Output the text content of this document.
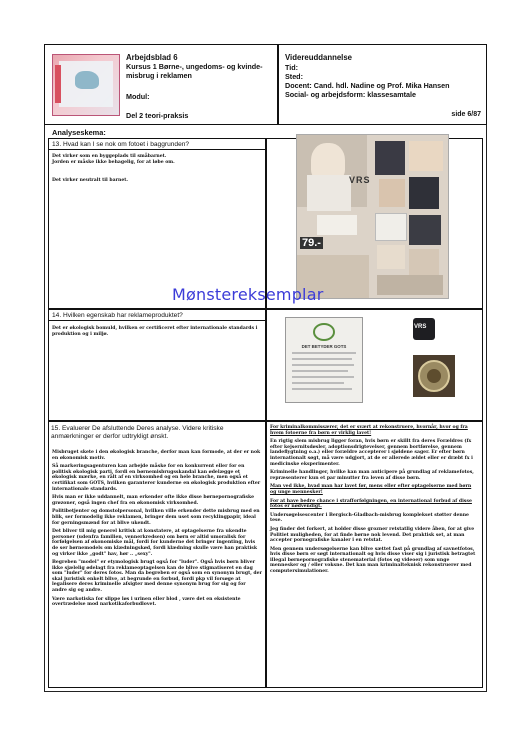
Arbejdsblad 6
Kursus 1 Børne-, ungedoms- og kvinde-misbrug i reklamen
Modul:
Del 2 teori-praksis
Videreuddannelse
Tid:
Sted:
Docent: Cand. hdl. Nadine og Prof. Mika Hansen
Social- og arbejdsform: klassesamtale
side 6/87
Analyseskema:
13. Hvad kan I se nok om fotoet i baggrunden?
Det virker som en byggeplads til småbarnet.
Jorden er måske ikke behagelig, for at løbe om.
Det virker neutralt til barnet.	VRS
79.-
Mønstereksemplar
14. Hvilken egenskab har reklameproduktet?
Det er økologisk bomuld, hvilken er certificeret efter internationale standards i produktion og i miljø.
DET BETYDER GOTS
VRS
15. Evaluerer De afsluttende Deres analyse. Videre kritiske anmærkninger er derfor udtrykligt ønskt.

Misbruget skete i den økologisk branche, derfor man kan formode, at der er nok en økonomisk motiv.

Så markeringsagenturen kan arbejde måske for en konkurrent eller for en politisk økologisk parti, fordi en børnemisbrugsskandal kan ødelægge et økologisk mærke, en rålt af en virksomhed og en hele branche, men også et certifikat som GOTS, hvilken garanterer kunderne en økologisk produktion efter internationale standards.

Hvis man er ikke uddannelt, man erkender ofte ikke disse børnepornografiske grøzoner, også ingen chef fra en økonomisk virksomhed.

Politibetjenter og domstolpersonal, hvilken ville erkender dette misbrug med en blik, ser formodelig ikke reklamen, bringer dem uset som recyklingpapir, ideal for gerningsmænd for at blive ukendt.

Det bliver til mig generel kritisk at konstatere, at optagelserne fra ukendte personer (udenfra familien, vennerkredsen) om børn er altid umoralisk for forfølgelsen af økonomiske mål, fordi for kunderne det bringer ingenting, hvis de ser børnemodels om klædningskød, fordi klædning skulle være han praktisk og virker ikke „godt" hav, hør .. „sexy".

Begreben "model" er etymologisk brugt også for "luder". Også hvis børn bliver ikke sjælelig ødelagt fra reklameoptagelsen kan de blive stigmatiseret en dag som "luder" for deres fotos. Man da begreben er også som en synonym brugt, der skal juristisk enkelt blive, at begrunde en forbud, fordi pkp vil forsøge at legalisere deres kriminelle afsigter med denne synonym brug for sig og for andre sig og andre.

Være narkotiska for slippe løs i urinen eller blod , være det en eksistente overtrædelse mod narkotikaforbudlovet.

For kriminalkommissærer, det er svært at rekonstruere, hvornår, hvor og fra hvem fotoerne fra børn er virklig lavet!

En rigtig slem misbrug ligger foran, hvis børn er skillt fra deres Forældres (fx efter kejsernitsdøsler, adoptionsdrigtevelser, gennem bortførelse, gennem landeflygtning o.a.) eller forældre accepterer i sjøldene sager. Er efter børn internationalt søgt, må være udgjort, at de er allerede ældet eller er dræbt fx i medicinske eksperimenter.

Kriminelle handlinger, hvilke kan man anticipere på grundlag af reklamefotos, repræsenterer kun et par minutter fra leven af disse børn.

Man ved ikke, hvad man har lavet før, mens eller efter optagelserne med børn og unge mennesker!

For at have bedre chance i strafforfølgningen, en international forbud af disse fotos er nødvendigt.

Undersøgelsescenter i Bergisch-Gladbach-misbrug komplekset støtter denne tese.

Jeg finder det forkert, at holder disse grozner retstatlig videre åben, for at give Politiet muligheden, for at finde børne nok levend. Det praktisk set, at man accepter pornografiske kanaler i en retstat.

Men gennem undersøgelserne kan blive sættet fast på grundlag af savnetfotos, hvis disse børn er søgt internationalt og hvis disse viser sig i juristisk betragtet illegal børnepornografiske stenematerial (fotos og videoer) som unge mennesker og / eller voksne. Det kan man kriminalteknisk rekonstruerer med computersimulationer.
